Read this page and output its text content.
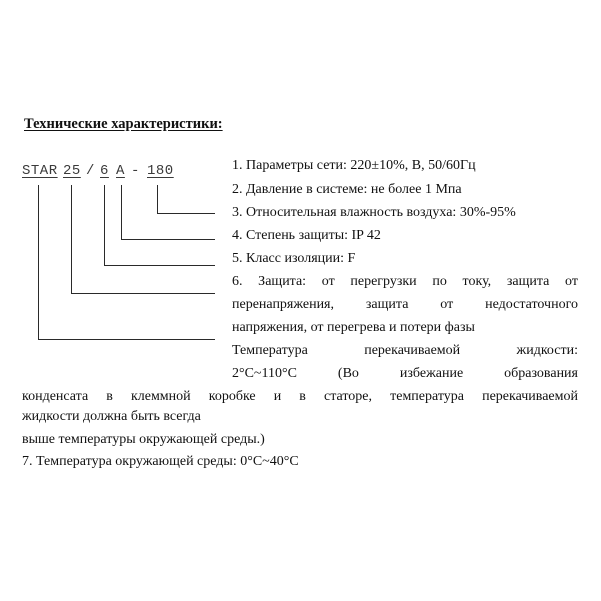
Технические характеристики:
STAR 25 / 6 A - 180	1. Параметры сети: 220±10%, В, 50/60Гц
2. Давление в системе: не более 1 Мпа
3. Относительная влажность воздуха: 30%-95%
4. Степень защиты: IP 42
5. Класс изоляции: F
6. Защита: от перегрузки по току, защита от
перенапряжения, защита от недостаточного
напряжения, от перегрева и потери фазы
Температура перекачиваемой жидкости:
2°С~110°С (Во избежание образования
конденсата в клеммной коробке и в статоре, температура перекачиваемой
жидкости должна быть всегда
выше температуры окружающей среды.)
7. Температура окружающей среды: 0°С~40°С
